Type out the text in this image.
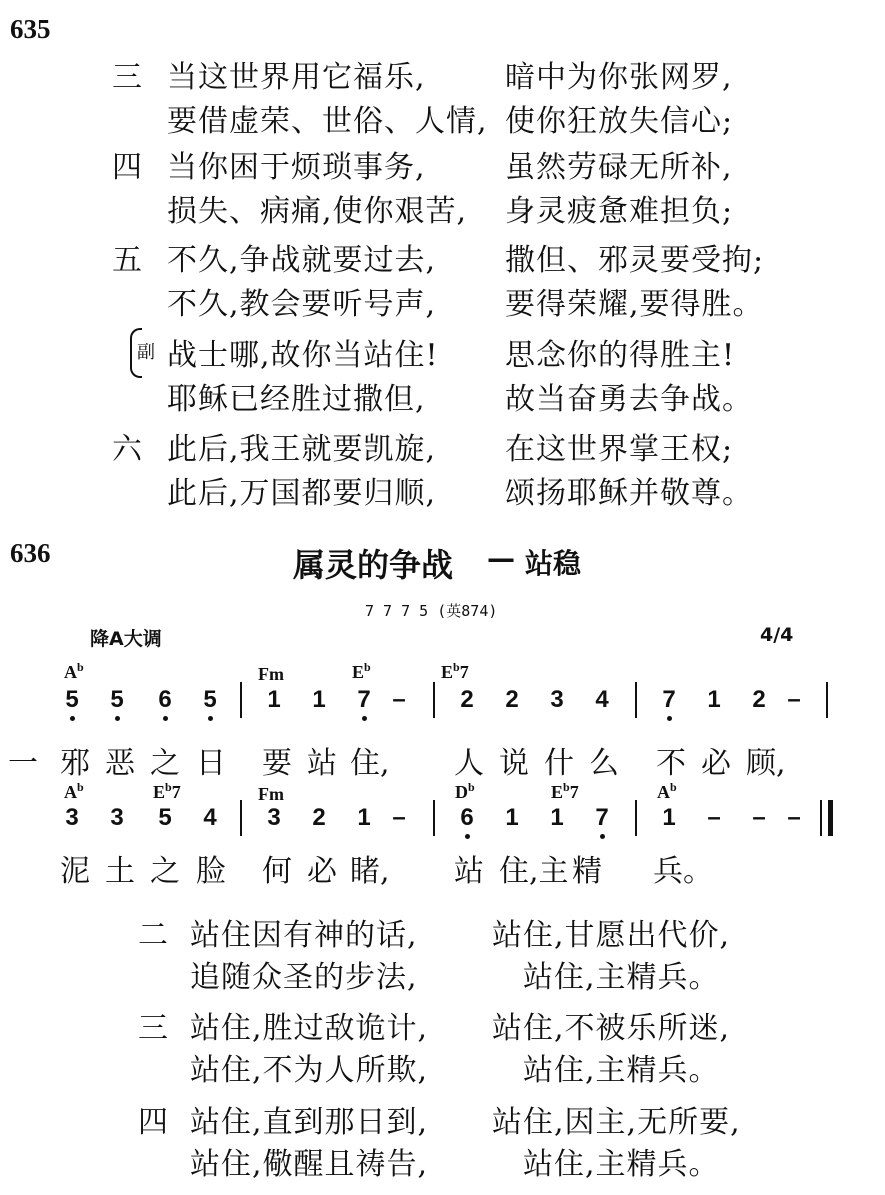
635
三 当这世界用它福乐,	暗中为你张网罗,
要借虚荣、世俗、人情, 使你狂放失信心;
四 当你困于烦琐事务,	虽然劳碌无所补,
损失、病痛,使你艰苦, 身灵疲惫难担负;
五 不久,争战就要过去, 撒但、邪灵要受拘;
不久,教会要听号声, 要得荣耀,要得胜。
副 战士哪,故你当站住! 思念你的得胜主!
耶稣已经胜过撒但,	故当奋勇去争战。
六 此后,我王就要凯旋, 在这世界掌王权;
此后,万国都要归顺, 颂扬耶稣并敬尊。
636	属灵的争战 — 站稳
7 7 7 5 (英874)
降A大调	4/4
5 5 6 5 1 1 7 – 2 2 3 4 7 1 2 –
$A^b$	Fm	$E^b$	$E^b7$
一 邪 恶 之 日 要 站 住, 人 说 什 么 不 必 顾,
3 3 5 4 3 2 1 – 6 1 1 7 1 – – –
$A^b$	$E^b7$	Fm	$D^b$	$E^b7$	$A^b$
泥 土 之 脸 何 必 睹, 站 住,主 精 兵。
二 站住因有神的话, 站住,甘愿出代价,
追随众圣的步法,	站住,主精兵。
三 站住,胜过敌诡计, 站住,不被乐所迷,
站住,不为人所欺,	站住,主精兵。
四 站住,直到那日到, 站住,因主,无所要,
站住,儆醒且祷告,	站住,主精兵。
